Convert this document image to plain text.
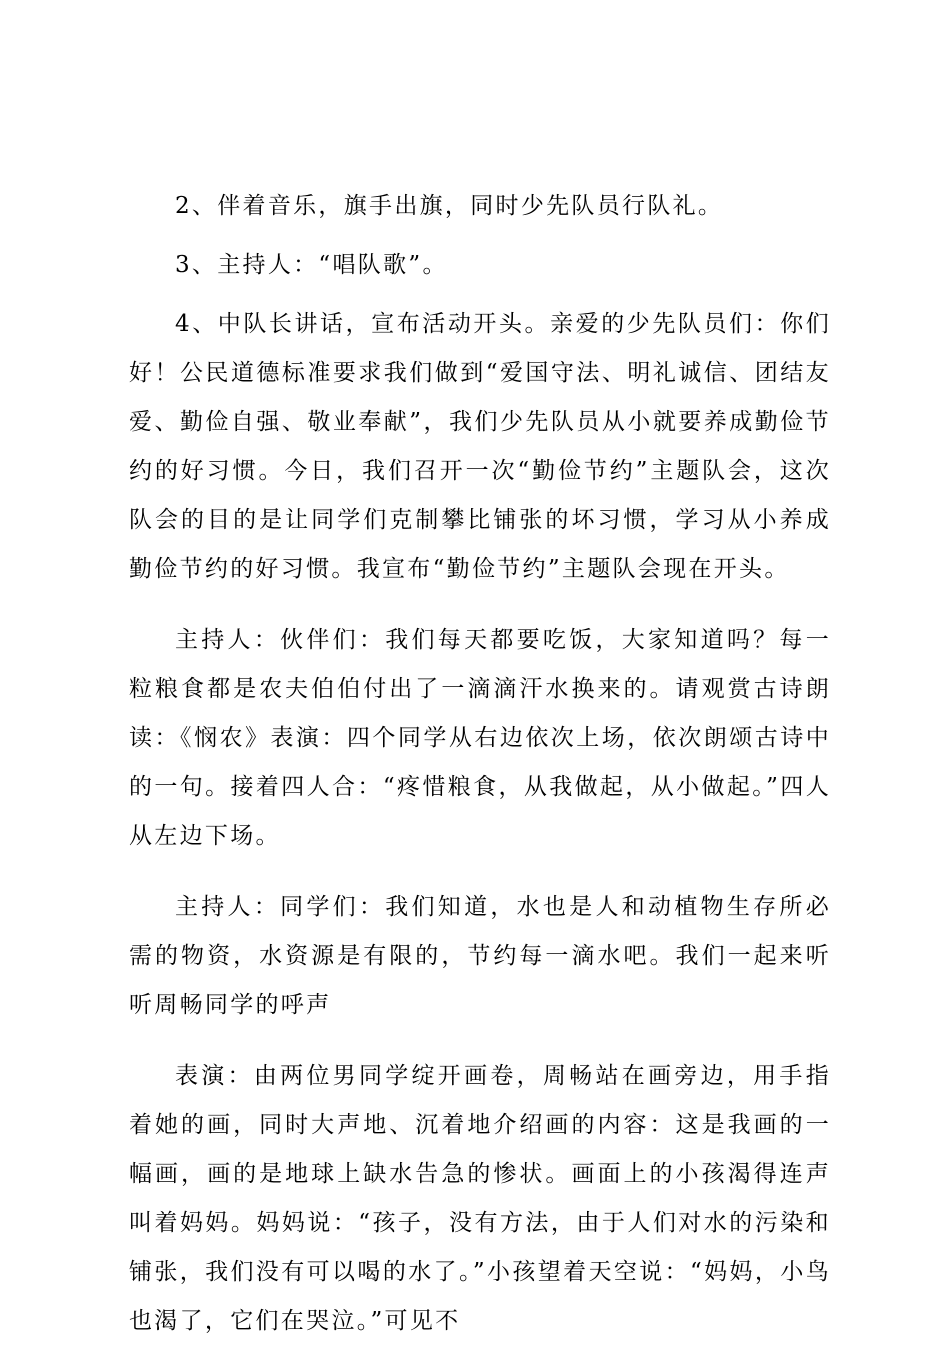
2、伴着音乐，旗手出旗，同时少先队员行队礼。

3、主持人：“唱队歌”。

4、中队长讲话，宣布活动开头。亲爱的少先队员们：你们好！公民道德标准要求我们做到“爱国守法、明礼诚信、团结友爱、勤俭自强、敬业奉献”，我们少先队员从小就要养成勤俭节约的好习惯。今日，我们召开一次“勤俭节约”主题队会，这次队会的目的是让同学们克制攀比铺张的坏习惯，学习从小养成勤俭节约的好习惯。我宣布“勤俭节约”主题队会现在开头。

主持人：伙伴们：我们每天都要吃饭，大家知道吗？每一粒粮食都是农夫伯伯付出了一滴滴汗水换来的。请观赏古诗朗读：《悯农》表演：四个同学从右边依次上场，依次朗颂古诗中的一句。接着四人合：“疼惜粮食，从我做起，从小做起。”四人从左边下场。

主持人：同学们：我们知道，水也是人和动植物生存所必需的物资，水资源是有限的，节约每一滴水吧。我们一起来听听周畅同学的呼声

表演：由两位男同学绽开画卷，周畅站在画旁边，用手指着她的画，同时大声地、沉着地介绍画的内容：这是我画的一幅画，画的是地球上缺水告急的惨状。画面上的小孩渴得连声叫着妈妈。妈妈说：“孩子，没有方法，由于人们对水的污染和铺张，我们没有可以喝的水了。”小孩望着天空说：“妈妈，小鸟也渴了，它们在哭泣。”可见不
